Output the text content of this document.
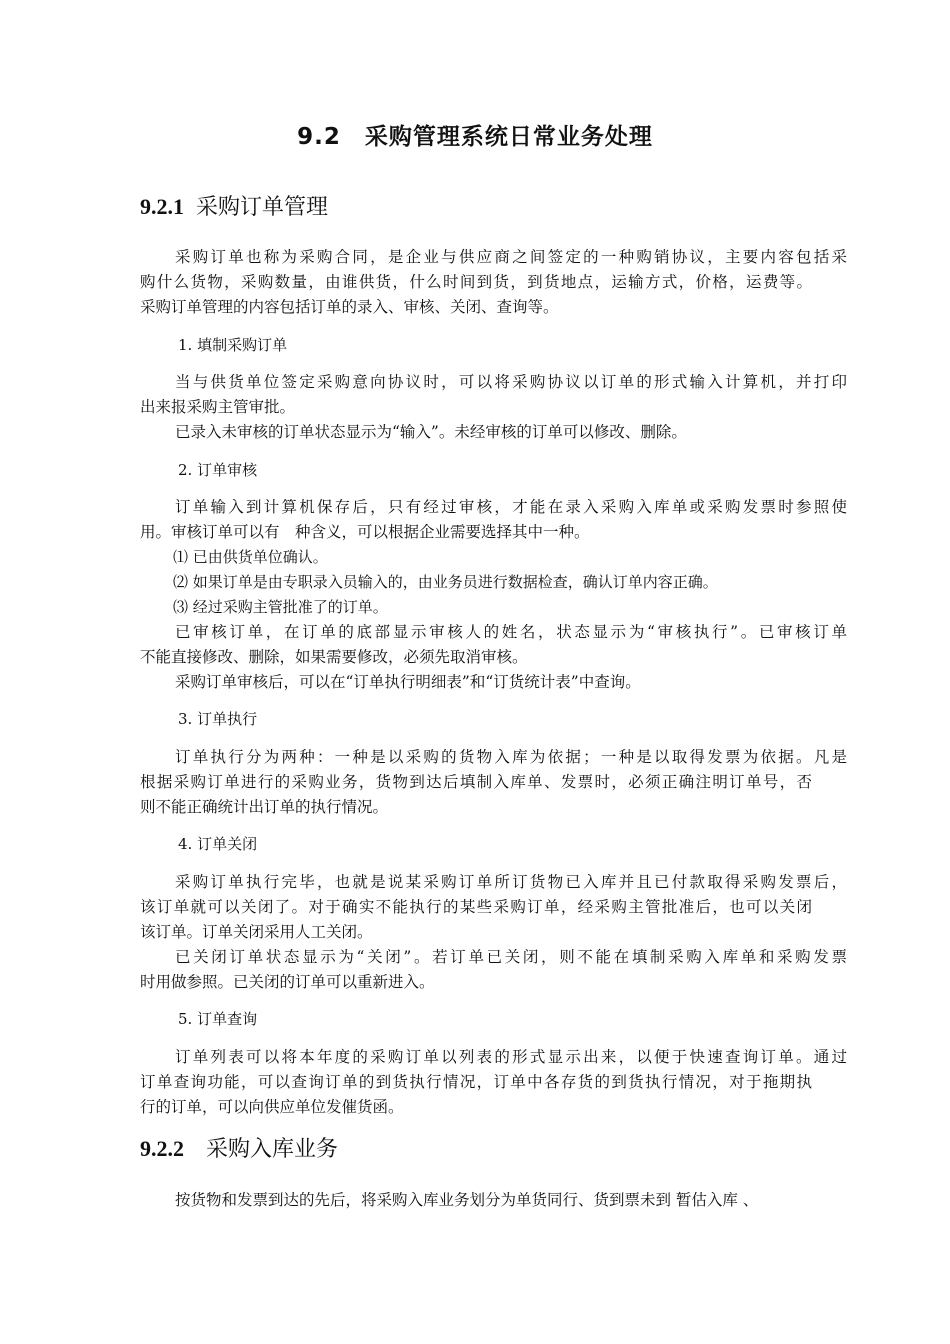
9.2 采购管理系统日常业务处理
9.2.1 采购订单管理
采购订单也称为采购合同，是企业与供应商之间签定的一种购销协议，主要内容包括采
购什么货物，采购数量，由谁供货，什么时间到货，到货地点，运输方式，价格，运费等。
采购订单管理的内容包括订单的录入、审核、关闭、查询等。
1. 填制采购订单
当与供货单位签定采购意向协议时，可以将采购协议以订单的形式输入计算机，并打印
出来报采购主管审批。
已录入未审核的订单状态显示为“输入”。未经审核的订单可以修改、删除。
2. 订单审核
订单输入到计算机保存后，只有经过审核，才能在录入采购入库单或采购发票时参照使
用。审核订单可以有　种含义，可以根据企业需要选择其中一种。
⑴ 已由供货单位确认。
⑵ 如果订单是由专职录入员输入的，由业务员进行数据检查，确认订单内容正确。
⑶ 经过采购主管批准了的订单。
已审核订单，在订单的底部显示审核人的姓名，状态显示为“审核执行”。已审核订单
不能直接修改、删除，如果需要修改，必须先取消审核。
采购订单审核后，可以在“订单执行明细表”和“订货统计表”中查询。
3. 订单执行
订单执行分为两种：一种是以采购的货物入库为依据；一种是以取得发票为依据。凡是
根据采购订单进行的采购业务，货物到达后填制入库单、发票时，必须正确注明订单号，否
则不能正确统计出订单的执行情况。
4. 订单关闭
采购订单执行完毕，也就是说某采购订单所订货物已入库并且已付款取得采购发票后，
该订单就可以关闭了。对于确实不能执行的某些采购订单，经采购主管批准后，也可以关闭
该订单。订单关闭采用人工关闭。
已关闭订单状态显示为“关闭”。若订单已关闭，则不能在填制采购入库单和采购发票
时用做参照。已关闭的订单可以重新进入。
5. 订单查询
订单列表可以将本年度的采购订单以列表的形式显示出来，以便于快速查询订单。通过
订单查询功能，可以查询订单的到货执行情况，订单中各存货的到货执行情况，对于拖期执
行的订单，可以向供应单位发催货函。
9.2.2 采购入库业务
按货物和发票到达的先后，将采购入库业务划分为单货同行、货到票未到 暂估入库 、
